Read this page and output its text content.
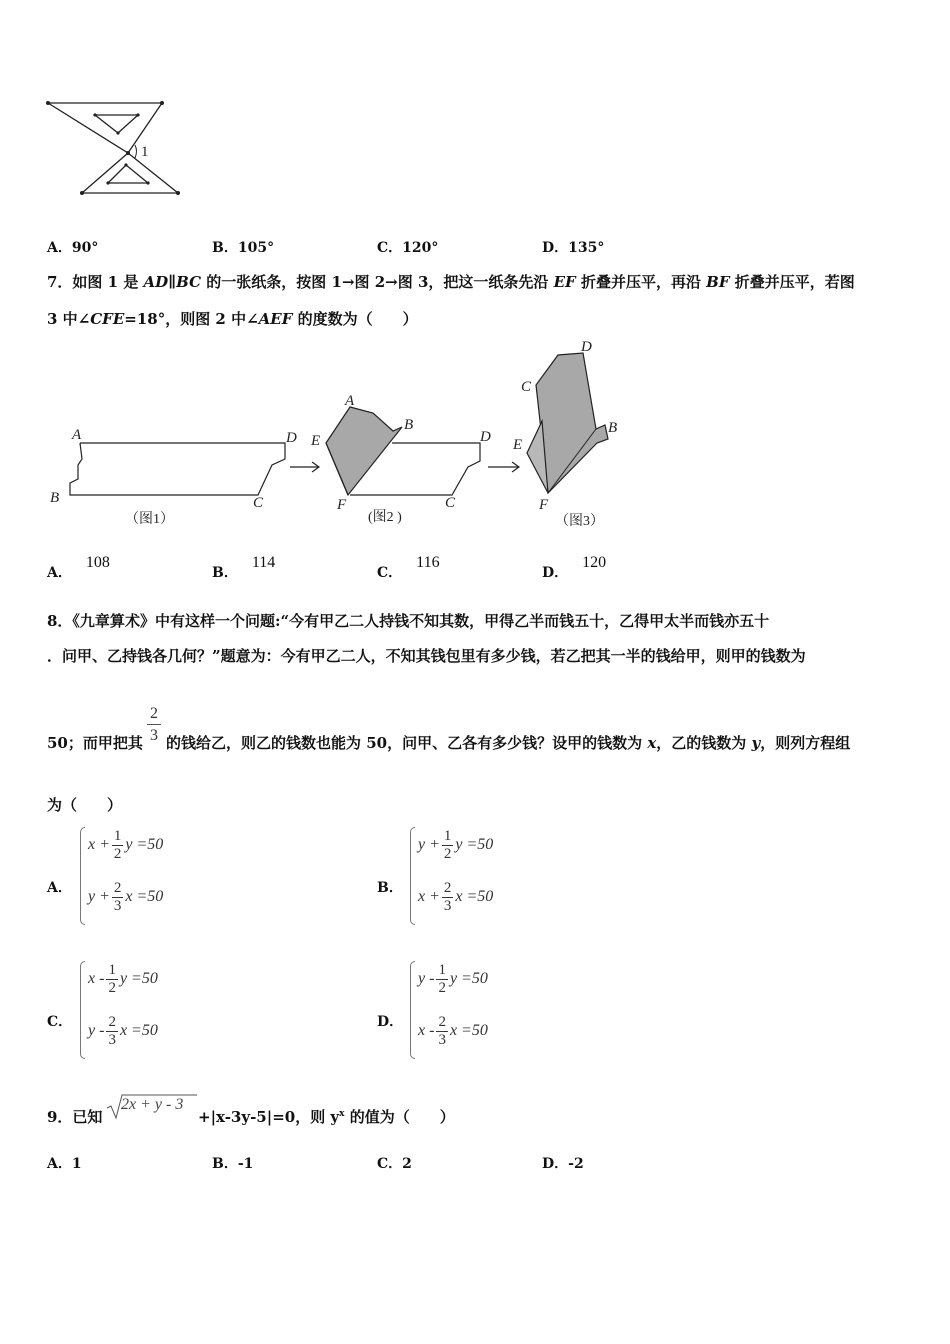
1
A．90°	B．105°	C．120°	D．135°
7．如图 1 是 AD∥BC 的一张纸条，按图 1→图 2→图 3，把这一纸条先沿 EF 折叠并压平，再沿 BF 折叠并压平，若图
3 中∠CFE=18°，则图 2 中∠AEF 的度数为（　　）
A	D
B	C
（图1）
A
B
D
E
F	C
(图2 )
C
D
B
E
F
（图3）
A．108
B．114
C．116
D．120
8．《九章算术》中有这样一个问题:“今有甲乙二人持钱不知其数，甲得乙半而钱五十，乙得甲太半而钱亦五十
．问甲、乙持钱各几何？”题意为：今有甲乙二人，不知其钱包里有多少钱，若乙把其一半的钱给甲，则甲的钱数为
50；而甲把其
2
3 的钱给乙，则乙的钱数也能为 50，问甲、乙各有多少钱？设甲的钱数为 x，乙的钱数为 y，则列方程组
为（　　）
A．
$x + \frac{1}{2}$ y =50
$y + \frac{2}{3}$ x =50
B．
$y + \frac{1}{2}$ y =50
$x + \frac{2}{3}$ x =50
C．
x - $\frac{1}{2}$ y =50
y - $\frac{2}{3}$ x =50
D．
y - $\frac{1}{2}$ y =50
x - $\frac{2}{3}$ x =50
9．已知
2x + y - 3
+|x-3y-5|=0，则 $y^x$ 的值为（　　）
A．1	B．-1	C．2	D．-2
